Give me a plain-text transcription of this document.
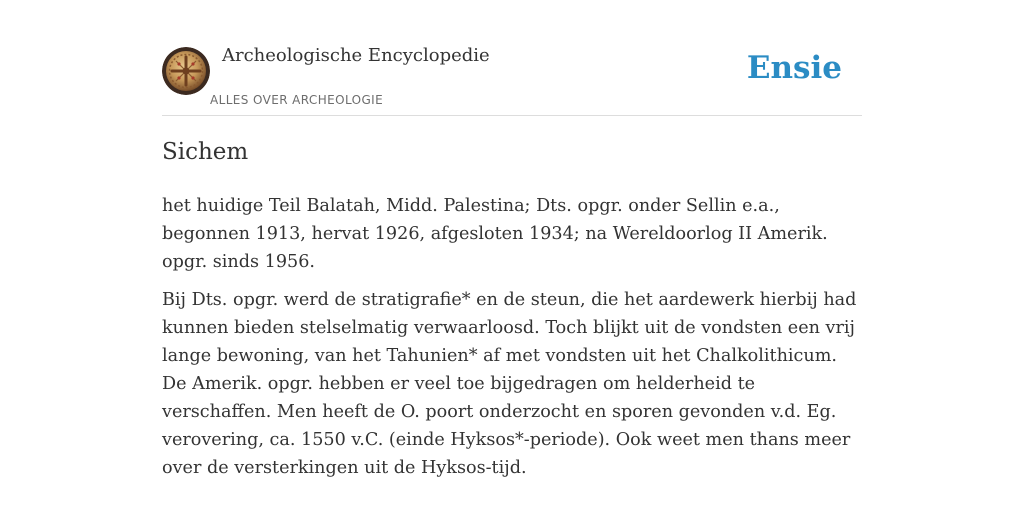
Archeologische Encyclopedie
ALLES OVER ARCHEOLOGIE
Ensie
Sichem

het huidige Teil Balatah, Midd. Palestina; Dts. opgr. onder Sellin e.a., begonnen 1913, hervat 1926, afgesloten 1934; na Wereldoorlog II Amerik. opgr. sinds 1956.

Bij Dts. opgr. werd de stratigrafie* en de steun, die het aardewerk hierbij had kunnen bieden stelselmatig verwaarloosd. Toch blijkt uit de vondsten een vrij lange bewoning, van het Tahunien* af met vondsten uit het Chalkolithicum. De Amerik. opgr. hebben er veel toe bijgedragen om helderheid te verschaffen. Men heeft de O. poort onderzocht en sporen gevonden v.d. Eg. verovering, ca. 1550 v.C. (einde Hyksos*-periode). Ook weet men thans meer over de versterkingen uit de Hyksos-tijd.
